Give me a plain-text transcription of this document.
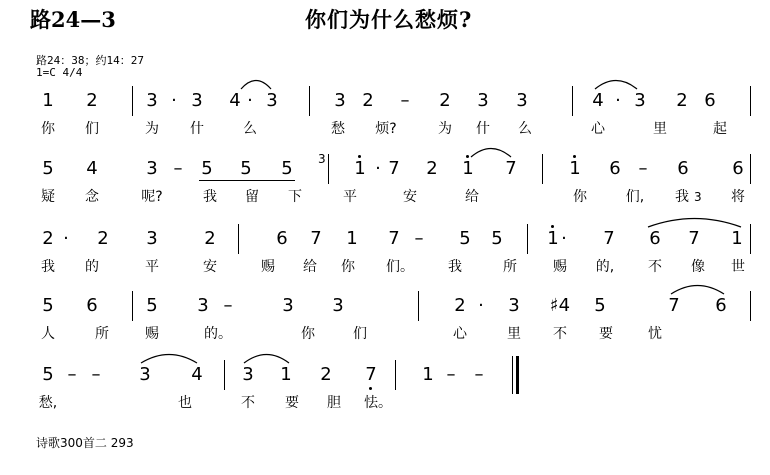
路24—3	你们为什么愁烦?
路24：38；约14：27
1=C 4/4
诗歌300首二 293
1 2	3 · 3 4 · 3	3 2 – 2 3 3	4 · 3 2 6
你 们	为 什	么	愁 烦?	为 什 么	心	里	起
5 4	3 – 5 5 5	1 · 7 2 1 7	1 6 – 6 6
疑 念	呢?	我 留 下	平	安	给	你	们, 我	将
2 · 2 3	2	6 7 1 7 – 5 5 1 · 7 6 7 1
我 的	平	安	赐 给 你 们。 我	所	赐 的, 不 像 世
5 6	5 3 –	3 3	2 · 3 ♯4 5	7 6
人	所	赐	的。	你	们	心	里 不 要	忧
5 – – 3 4 3 1 2 7	1 – –
愁,	也	不 要 胆 怯。
3
3
